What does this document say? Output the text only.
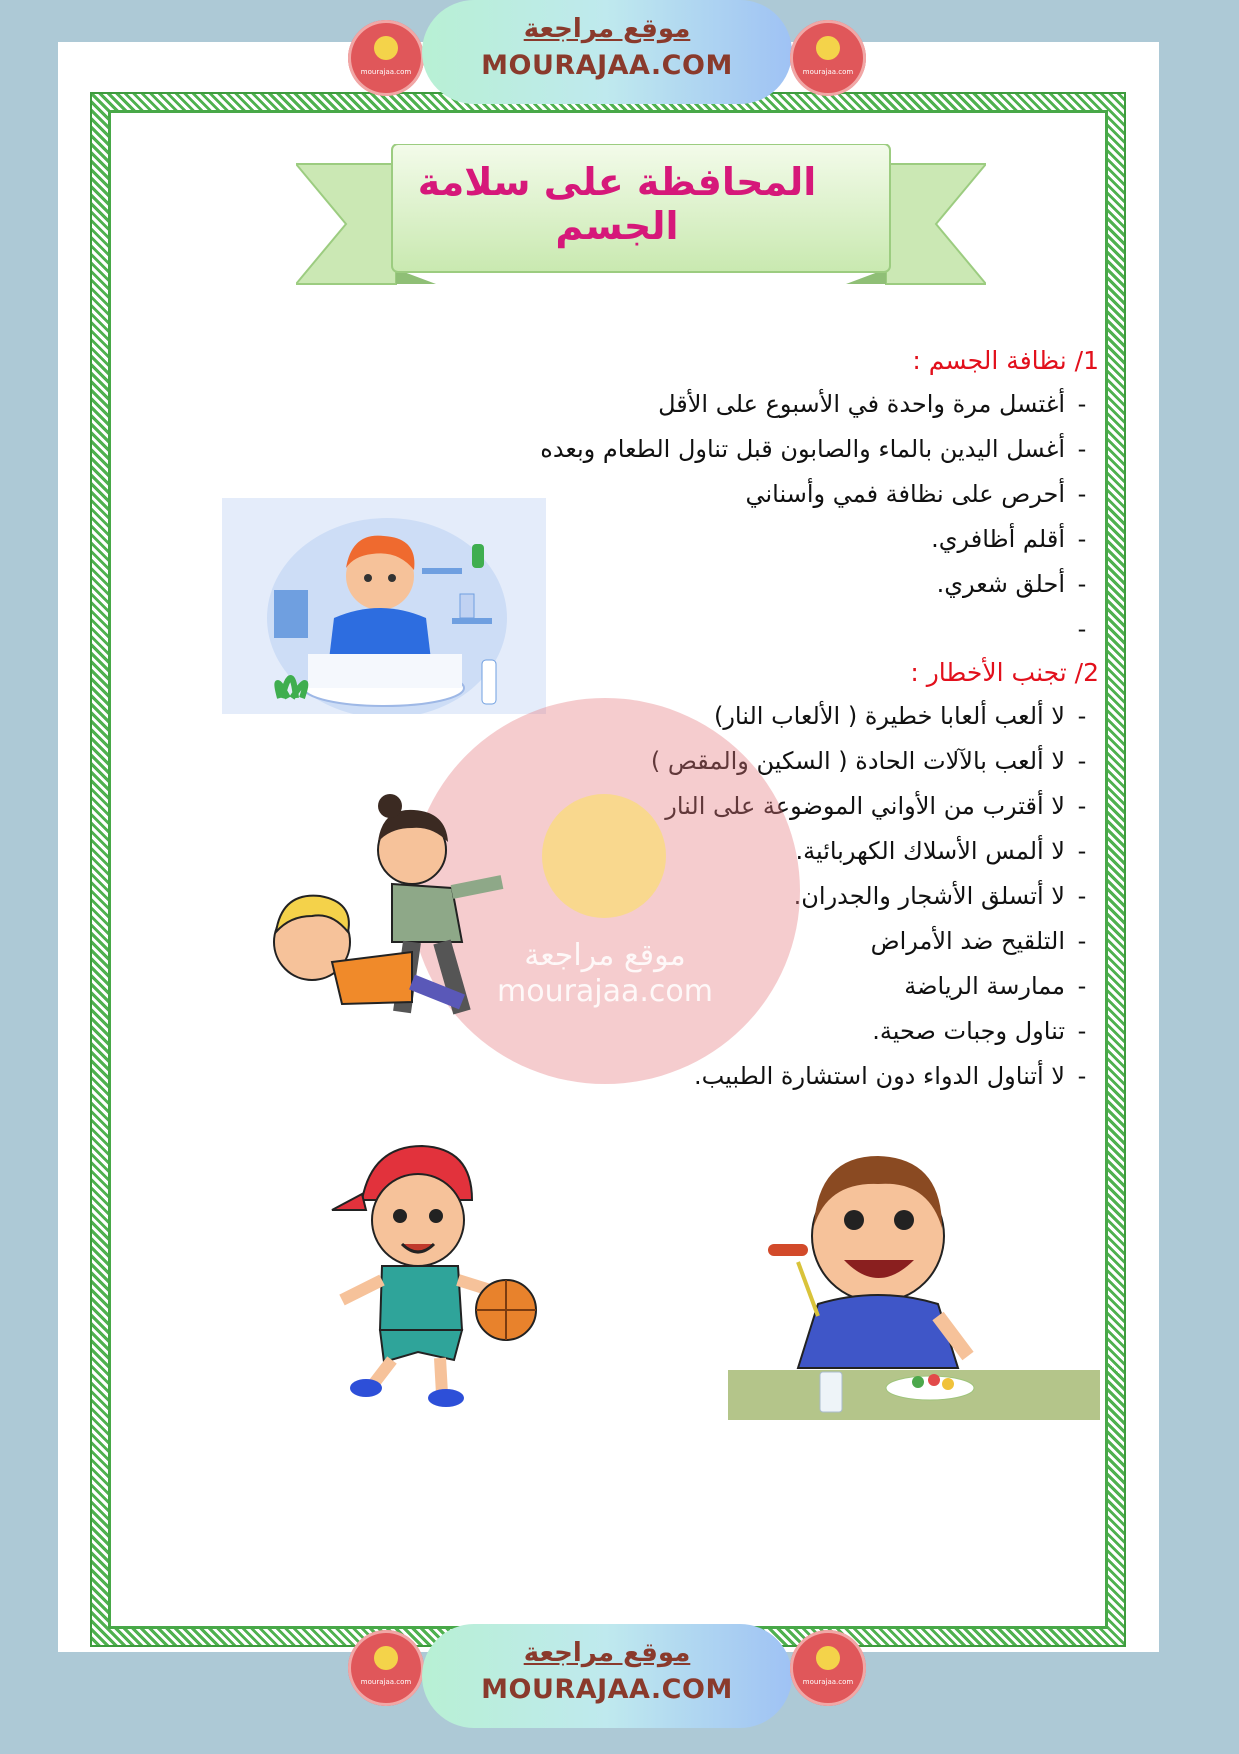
mourajaa.com
موقع مراجعة
MOURAJAA.COM	mourajaa.com
المحافظة على سلامة الجسم

1/ نظافة الجسم :

-أغتسل مرة واحدة في الأسبوع على الأقل
-أغسل اليدين بالماء والصابون قبل تناول الطعام وبعده
-أحرص على نظافة فمي وأسناني
-أقلم أظافري.
-أحلق شعري.
-

2/ تجنب الأخطار :

-لا ألعب ألعابا خطيرة ( الألعاب النار)
-لا ألعب بالآلات الحادة ( السكين والمقص )
-لا أقترب من الأواني الموضوعة على النار
-لا ألمس الأسلاك الكهربائية.
-لا أتسلق الأشجار والجدران.
-التلقيح ضد الأمراض
-ممارسة الرياضة
-تناول وجبات صحية.
-لا أتناول الدواء دون استشارة الطبيب.
موقع مراجعة
mourajaa.com
mourajaa.com
موقع مراجعة
MOURAJAA.COM	mourajaa.com
